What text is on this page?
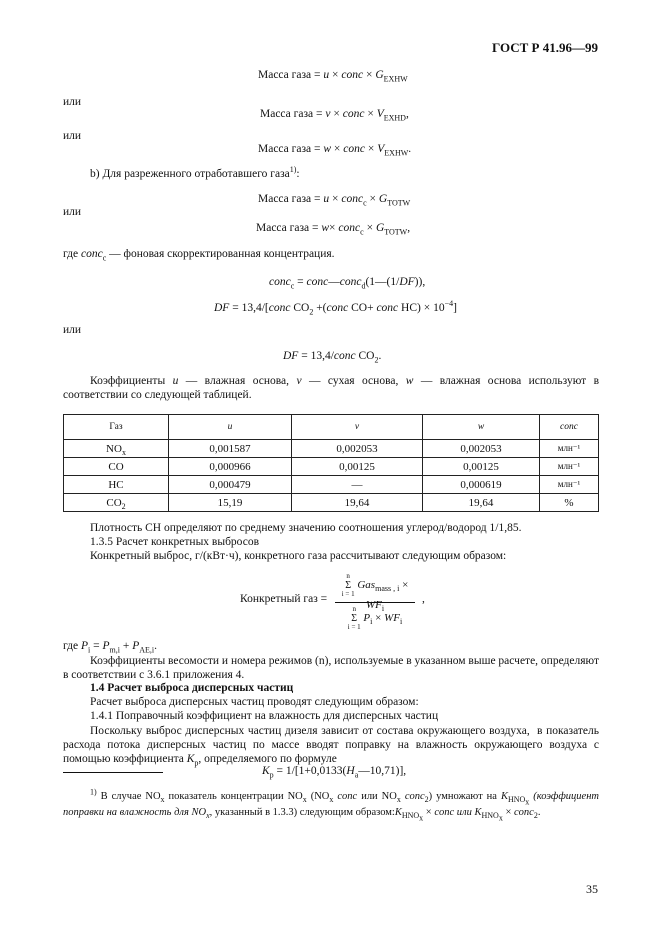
ГОСТ Р 41.96—99
Масса газа = u × conc × $G_{EXHW}$
или
Масса газа = v × conc × $V_{EXHD}$,
или
Масса газа = w × conc × $V_{EXHW}$.
b) Для разреженного отработавшего газа$^{1)}$:
Масса газа = u × conc$_c$ × $G_{TOTW}$
или
Масса газа = w× conc$_c$ × $G_{TOTW}$,
где conc$_c$ — фоновая скорректированная концентрация.
conc$_c$ = conc—conc$_d$(1—(1/DF)),
DF = 13,4/[conc $CO_2$ +(conc CO+ conc $HC) \times 10^{-4}$]
или
DF = 13,4/conc $CO_2$.
Коэффициенты u — влажная основа, v — сухая основа, w — влажная основа используют в соответствии со следующей таблицей.
Газ	u	v	w	conc
$NO_x$	0,001587	0,002053	0,002053	млн⁻¹
CO	0,000966	0,00125	0,00125	млн⁻¹
HC	0,000479	—	0,000619	млн⁻¹
$CO_2$	15,19	19,64	19,64	%
Плотность СН определяют по среднему значению соотношения углерод/водород 1/1,85.
1.3.5 Расчет конкретных выбросов
Конкретный выброс, г/(кВт·ч), конкретного газа рассчитывают следующим образом:
Конкретный газ =
n
Σ
i = 1
$Gas_{mass , i} \times WF_i$
n
Σ
i = 1
$P_i \times WF_i$
,
где $P_i = P_{m,i} + P_{AE,i}$.
Коэффициенты весомости и номера режимов (n), используемые в указанном выше расчете, определяют в соответствии с 3.6.1 приложения 4.
1.4 Расчет выброса дисперсных частиц
Расчет выброса дисперсных частиц проводят следующим образом:
1.4.1 Поправочный коэффициент на влажность для дисперсных частиц
Поскольку выброс дисперсных частиц дизеля зависит от состава окружающего воздуха,  в показатель расхода потока дисперсных частиц по массе вводят поправку на влажность окружающего воздуха с помощью коэффициента $K_p$, определяемого по формуле
$K_p$ = $1/[1+0,0133(H_a—10,71)]$,
$^{1)}$ В случае $NO_x$ показатель концентрации $NO_x$ ($NO_x$ conc или $NO_x$ conc$_2$) умножают на $K_{HNO_x}$ (коэффициент поправки на влажность для $NO_x$, указанный в 1.3.3) следующим $образом:K_{HNO_x}$ × conc или $K_{HNO_x}$ × conc$_2$.
35
